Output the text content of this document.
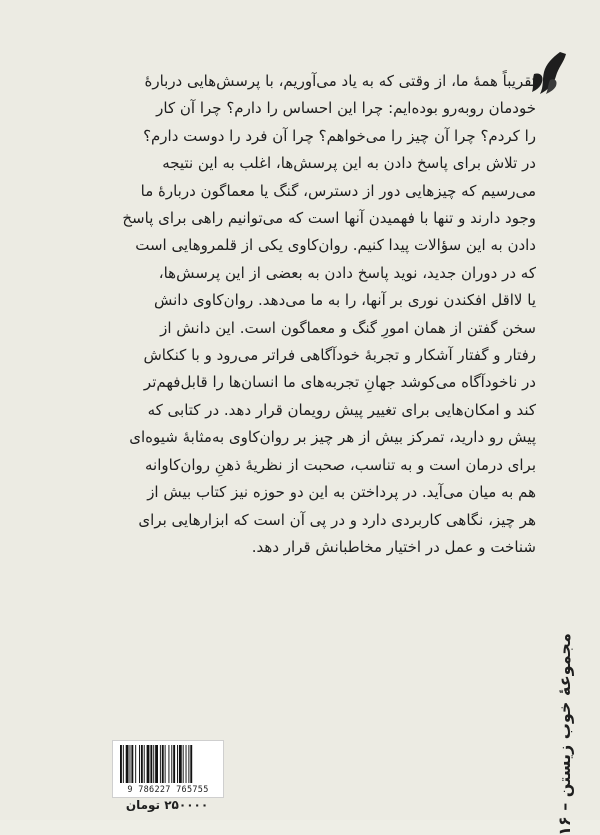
تقریباً همهٔ ما، از وقتی که به یاد می‌آوریم، با پرسش‌هایی دربارهٔ
خودمان روبه‌رو بوده‌ایم: چرا این احساس را دارم؟ چرا آن کار
را کردم؟ چرا آن چیز را می‌خواهم؟ چرا آن فرد را دوست دارم؟
در تلاش برای پاسخ دادن به این پرسش‌ها، اغلب به این نتیجه
می‌رسیم که چیزهایی دور از دسترس، گنگ یا معماگون دربارهٔ ما
وجود دارند و تنها با فهمیدن آنها است که می‌توانیم راهی برای پاسخ
دادن به این سؤالات پیدا کنیم. روان‌کاوی یکی از قلمروهایی است
که در دوران جدید، نوید پاسخ دادن به بعضی از این پرسش‌ها،
یا لااقل افکندن نوری بر آنها، را به ما می‌دهد. روان‌کاوی دانش
سخن گفتن از همان امورِ گنگ و معماگون است. این دانش از
رفتار و گفتار آشکار و تجربهٔ خودآگاهی فراتر می‌رود و با کنکاش
در ناخودآگاه می‌کوشد جهانِ تجربه‌های ما انسان‌ها را قابل‌فهم‌تر
کند و امکان‌هایی برای تغییر پیش رویمان قرار دهد. در کتابی که
پیش رو دارید، تمرکز بیش از هر چیز بر روان‌کاوی به‌مثابهٔ شیوه‌ای
برای درمان است و به تناسب، صحبت از نظریهٔ ذهنِ روان‌کاوانه
هم به میان می‌آید. در پرداختن به این دو حوزه نیز کتاب بیش از
هر چیز، نگاهی کاربردی دارد و در پی آن است که ابزارهایی برای
شناخت و عمل در اختیار مخاطبانش قرار دهد.
مجموعهٔ خوب زیستن – ۱۶
9 786227 765755
۲۵۰۰۰۰ تومان
